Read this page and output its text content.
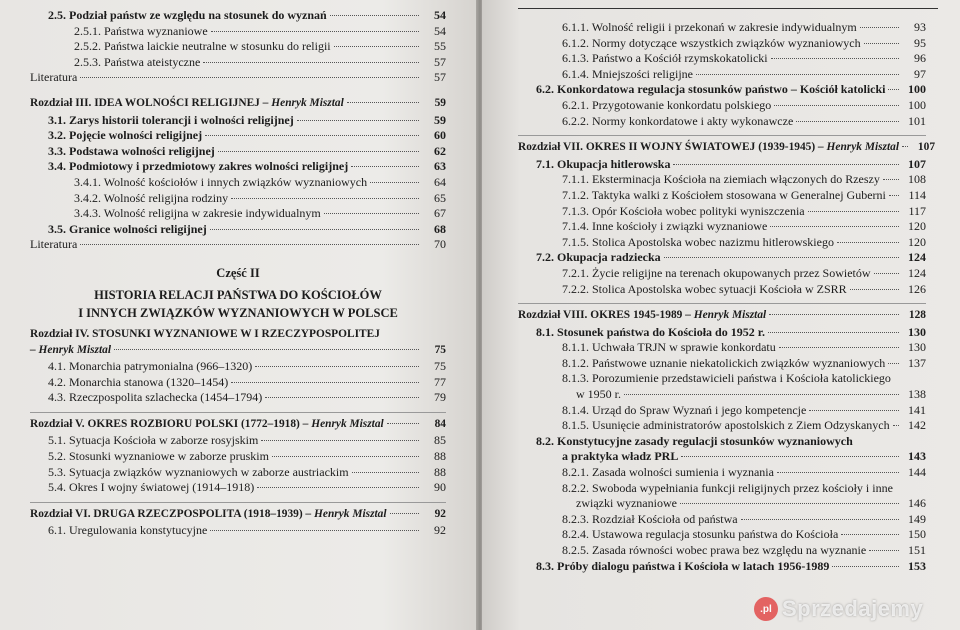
2.5. Podział państw ze względu na stosunek do wyznań	54
2.5.1. Państwa wyznaniowe	54
2.5.2. Państwa laickie neutralne w stosunku do religii	55
2.5.3. Państwa ateistyczne	57
Literatura	57
Rozdział III. IDEA WOLNOŚCI RELIGIJNEJ – Henryk Misztal	59
3.1. Zarys historii tolerancji i wolności religijnej	59
3.2. Pojęcie wolności religijnej	60
3.3. Podstawa wolności religijnej	62
3.4. Podmiotowy i przedmiotowy zakres wolności religijnej	63
3.4.1. Wolność kościołów i innych związków wyznaniowych	64
3.4.2. Wolność religijna rodziny	65
3.4.3. Wolność religijna w zakresie indywidualnym	67
3.5. Granice wolności religijnej	68
Literatura	70
Część II
HISTORIA RELACJI PAŃSTWA DO KOŚCIOŁÓW
I INNYCH ZWIĄZKÓW WYZNANIOWYCH W POLSCE
Rozdział IV. STOSUNKI WYZNANIOWE W I RZECZYPOSPOLITEJ
– Henryk Misztal	75
4.1. Monarchia patrymonialna (966–1320)	75
4.2. Monarchia stanowa (1320–1454)	77
4.3. Rzeczpospolita szlachecka (1454–1794)	79
Rozdział V. OKRES ROZBIORU POLSKI (1772–1918) – Henryk Misztal	84
5.1. Sytuacja Kościoła w zaborze rosyjskim	85
5.2. Stosunki wyznaniowe w zaborze pruskim	88
5.3. Sytuacja związków wyznaniowych w zaborze austriackim	88
5.4. Okres I wojny światowej (1914–1918)	90
Rozdział VI. DRUGA RZECZPOSPOLITA (1918–1939) – Henryk Misztal	92
6.1. Uregulowania konstytucyjne	92
6.1.1. Wolność religii i przekonań w zakresie indywidualnym	93
6.1.2. Normy dotyczące wszystkich związków wyznaniowych	95
6.1.3. Państwo a Kościół rzymskokatolicki	96
6.1.4. Mniejszości religijne	97
6.2. Konkordatowa regulacja stosunków państwo – Kościół katolicki	100
6.2.1. Przygotowanie konkordatu polskiego	100
6.2.2. Normy konkordatowe i akty wykonawcze	101
Rozdział VII. OKRES II WOJNY ŚWIATOWEJ (1939-1945) – Henryk Misztal	107
7.1. Okupacja hitlerowska	107
7.1.1. Eksterminacja Kościoła na ziemiach włączonych do Rzeszy	108
7.1.2. Taktyka walki z Kościołem stosowana w Generalnej Guberni	114
7.1.3. Opór Kościoła wobec polityki wyniszczenia	117
7.1.4. Inne kościoły i związki wyznaniowe	120
7.1.5. Stolica Apostolska wobec nazizmu hitlerowskiego	120
7.2. Okupacja radziecka	124
7.2.1. Życie religijne na terenach okupowanych przez Sowietów	124
7.2.2. Stolica Apostolska wobec sytuacji Kościoła w ZSRR	126
Rozdział VIII. OKRES 1945-1989 – Henryk Misztal	128
8.1. Stosunek państwa do Kościoła do 1952 r.	130
8.1.1. Uchwała TRJN w sprawie konkordatu	130
8.1.2. Państwowe uznanie niekatolickich związków wyznaniowych	137
8.1.3. Porozumienie przedstawicieli państwa i Kościoła katolickiego
w 1950 r.	138
8.1.4. Urząd do Spraw Wyznań i jego kompetencje	141
8.1.5. Usunięcie administratorów apostolskich z Ziem Odzyskanych	142
8.2. Konstytucyjne zasady regulacji stosunków wyznaniowych
a praktyka władz PRL	143
8.2.1. Zasada wolności sumienia i wyznania	144
8.2.2. Swoboda wypełniania funkcji religijnych przez kościoły i inne
związki wyznaniowe	146
8.2.3. Rozdział Kościoła od państwa	149
8.2.4. Ustawowa regulacja stosunku państwa do Kościoła	150
8.2.5. Zasada równości wobec prawa bez względu na wyznanie	151
8.3. Próby dialogu państwa i Kościoła w latach 1956-1989	153
.pl Sprzedajemy
